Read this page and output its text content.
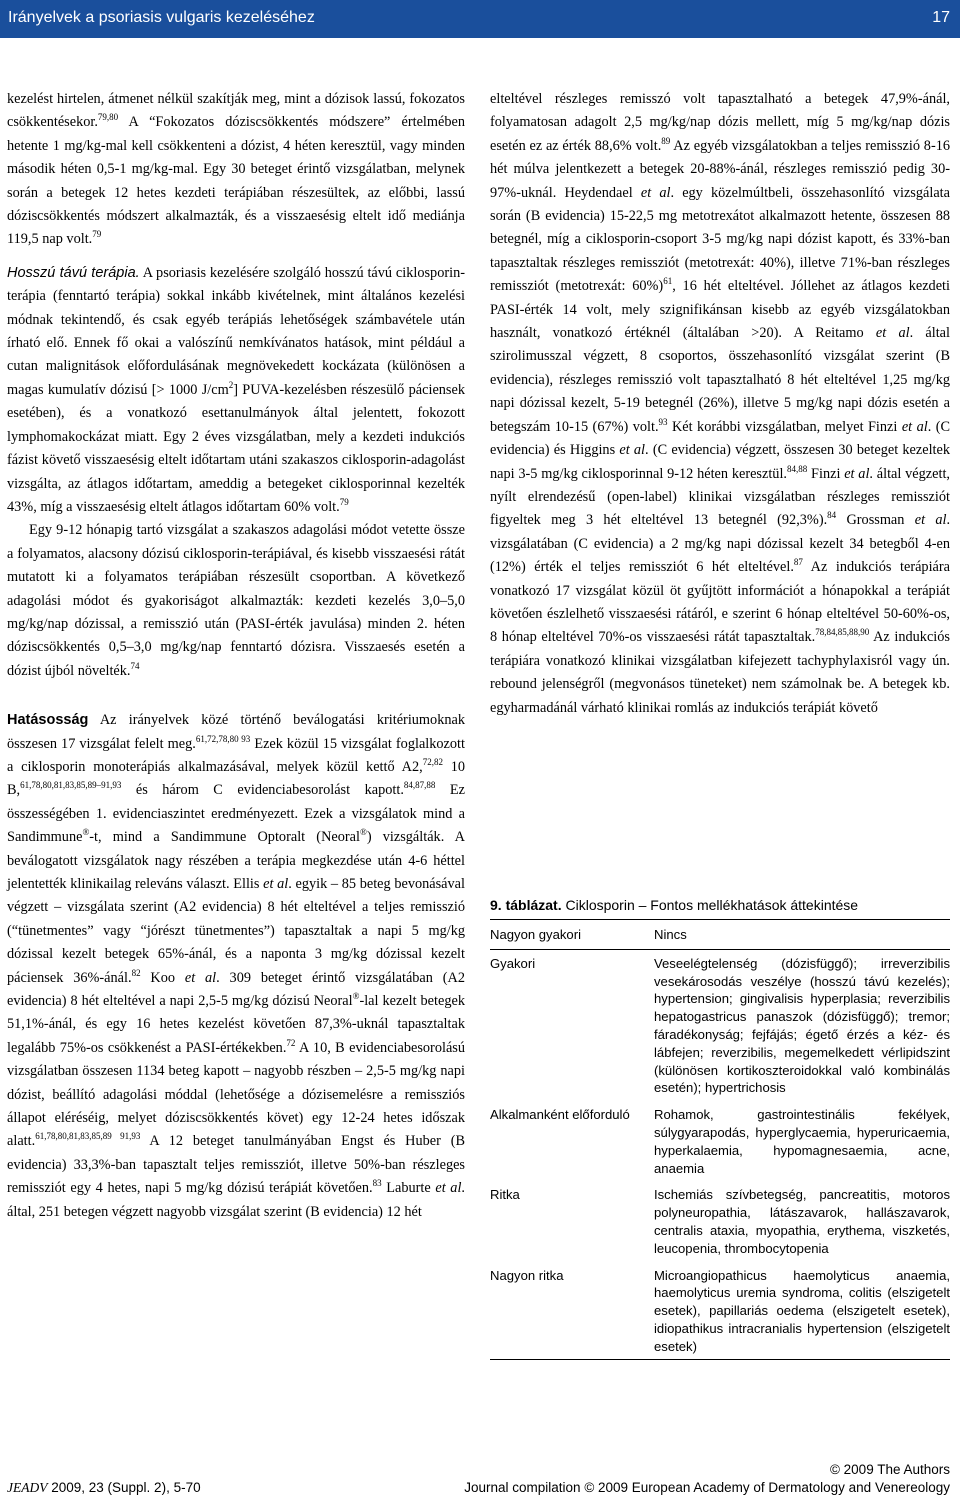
Irányelvek a psoriasis vulgaris kezeléséhez	17

kezelést hirtelen, átmenet nélkül szakítják meg, mint a dózisok lassú, fokozatos csökkentésekor.$^{79,80}$ A “Fokozatos dóziscsökkentés módszere” értelmében hetente 1 mg/kg-mal kell csökkenteni a dózist, 4 héten keresztül, vagy minden második héten 0,5-1 mg/kg-mal. Egy 30 beteget érintő vizsgálatban, melynek során a betegek 12 hetes kezdeti terápiában részesültek, az előbbi, lassú dóziscsökkentés módszert alkalmazták, és a visszaesésig eltelt idő mediánja 119,5 nap volt.$^{79}$

Hosszú távú terápia. A psoriasis kezelésére szolgáló hosszú távú ciklosporin-terápia (fenntartó terápia) sokkal inkább kivételnek, mint általános kezelési módnak tekintendő, és csak egyéb terápiás lehetőségek számbavétele után írható elő. Ennek fő okai a valószínű nemkívánatos hatások, mint például a cutan malignitások előfordulásának megnövekedett kockázata (különösen a magas kumulatív dózisú [> 1000 $J/cm^2$] PUVA-kezelésben részesülő páciensek esetében), és a vonatkozó esettanulmányok által jelentett, fokozott lymphomakockázat miatt. Egy 2 éves vizsgálatban, mely a kezdeti indukciós fázist követő visszaesésig eltelt időtartam utáni szakaszos ciklosporin-adagolást vizsgálta, az átlagos időtartam, ameddig a betegeket ciklosporinnal kezelték 43%, míg a visszaesésig eltelt átlagos időtartam 60% volt.$^{79}$

Egy 9-12 hónapig tartó vizsgálat a szakaszos adagolási módot vetette össze a folyamatos, alacsony dózisú ciklosporin-terápiával, és kisebb visszaesési rátát mutatott ki a folyamatos terápiában részesült csoportban. A következő adagolási módot és gyakoriságot alkalmazták: kezdeti kezelés 3,0–5,0 mg/kg/nap dózissal, a remisszió után (PASI-érték javulása) minden 2. héten dóziscsökkentés 0,5–3,0 mg/kg/nap fenntartó dózisra. Visszaesés esetén a dózist újból növelték.$^{74}$

Hatásosság Az irányelvek közé történő beválogatási kritériumoknak összesen 17 vizsgálat felelt meg.$^{61,72,78,80 93}$ Ezek közül 15 vizsgálat foglalkozott a ciklosporin monoterápiás alkalmazásával, melyek közül kettő A2,$^{72,82}$ 10 B,$^{61,78,80,81,83,85,89-91,93}$ és három C evidenciabesorolást kapott.$^{84,87,88}$ Ez összességében 1. evidenciaszintet eredményezett. Ezek a vizsgálatok mind a Sandimmune®-t, mind a Sandimmune Optoralt (Neoral®) vizsgálták. A beválogatott vizsgálatok nagy részében a terápia megkezdése után 4-6 héttel jelentették klinikailag releváns választ. Ellis et al. egyik – 85 beteg bevonásával végzett – vizsgálata szerint (A2 evidencia) 8 hét elteltével a teljes remisszió (“tünetmentes” vagy “jórészt tünetmentes”) tapasztaltak a napi 5 mg/kg dózissal kezelt betegek 65%-ánál, és a naponta 3 mg/kg dózissal kezelt páciensek 36%-ánál.$^{82}$ Koo et al. 309 beteget érintő vizsgálatában (A2 evidencia) 8 hét elteltével a napi 2,5-5 mg/kg dózisú Neoral®-lal kezelt betegek 51,1%-ánál, és egy 16 hetes kezelést követően 87,3%-uknál tapasztaltak legalább 75%-os csökkenést a PASI-értékekben.$^{72}$ A 10, B evidenciabesorolású vizsgálatban összesen 1134 beteg kapott – nagyobb részben – 2,5-5 mg/kg napi dózist, beállító adagolási móddal (lehetősége a dózisemelésre a remissziós állapot eléréséig, melyet dóziscsökkentés követ) egy 12-24 hetes időszak alatt.$^{61,78,80,81,83,85,89 91,93}$ A 12 beteget tanulmányában Engst és Huber (B evidencia) 33,3%-ban tapasztalt teljes remissziót, illetve 50%-ban részleges remissziót egy 4 hetes, napi 5 mg/kg dózisú terápiát követően.$^{83}$ Laburte et al. által, 251 betegen végzett nagyobb vizsgálat szerint (B evidencia) 12 hét

elteltével részleges remisszó volt tapasztalható a betegek 47,9%-ánál, folyamatosan adagolt 2,5 mg/kg/nap dózis mellett, míg 5 mg/kg/nap dózis esetén ez az érték 88,6% volt.$^{89}$ Az egyéb vizsgálatokban a teljes remisszió 8-16 hét múlva jelentkezett a betegek 20-88%-ánál, részleges remisszió pedig 30-97%-uknál. Heydendael et al. egy közelmúltbeli, összehasonlító vizsgálata során (B evidencia) 15-22,5 mg metotrexátot alkalmazott hetente, összesen 88 betegnél, míg a ciklosporin-csoport 3-5 mg/kg napi dózist kapott, és 33%-ban tapasztaltak részleges remissziót (metotrexát: 40%), illetve 71%-ban részleges remissziót (metotrexát: 60%)$^{61}$, 16 hét elteltével. Jóllehet az átlagos kezdeti PASI-érték 14 volt, mely szignifikánsan kisebb az egyéb vizsgálatokban használt, vonatkozó értéknél (általában >20). A Reitamo et al. által szirolimusszal végzett, 8 csoportos, összehasonlító vizsgálat szerint (B evidencia), részleges remisszió volt tapasztalható 8 hét elteltével 1,25 mg/kg napi dózissal kezelt, 5-19 betegnél (26%), illetve 5 mg/kg napi dózis esetén a betegszám 10-15 (67%) volt.$^{93}$ Két korábbi vizsgálatban, melyet Finzi et al. (C evidencia) és Higgins et al. (C evidencia) végzett, összesen 30 beteget kezeltek napi 3-5 mg/kg ciklosporinnal 9-12 héten keresztül.$^{84,88}$ Finzi et al. által végzett, nyílt elrendezésű (open-label) klinikai vizsgálatban részleges remissziót figyeltek meg 3 hét elteltével 13 betegnél (92,3%).$^{84}$ Grossman et al. vizsgálatában (C evidencia) a 2 mg/kg napi dózissal kezelt 34 betegből 4-en (12%) érték el teljes remissziót 6 hét elteltével.$^{87}$ Az indukciós terápiára vonatkozó 17 vizsgálat közül öt gyűjtött információt a hónapokkal a terápiát követően észlelhető visszaesési rátáról, e szerint 6 hónap elteltével 50-60%-os, 8 hónap elteltével 70%-os visszaesési rátát tapasztaltak.$^{78,84,85,88,90}$ Az indukciós terápiára vonatkozó klinikai vizsgálatban kifejezett tachyphylaxisról vagy ún. rebound jelenségről (megvonásos tüneteket) nem számolnak be. A betegek kb. egyharmadánál várható klinikai romlás az indukciós terápiát követő

9. táblázat. Ciklosporin – Fontos mellékhatások áttekintése
Nagyon gyakori	Nincs
Gyakori	Veseelégtelenség (dózisfüggő); irreverzibilis vesekárosodás veszélye (hosszú távú kezelés); hypertension; gingivalisis hyperplasia; reverzibilis hepatogastricus panaszok (dózisfüggő); tremor; fáradékonyság; fejfájás; égető érzés a kéz- és lábfejen; reverzibilis, megemelkedett vérlipidszint (különösen kortikoszteroidokkal való kombinálás esetén); hypertrichosis
Alkalmanként előforduló	Rohamok, gastrointestinális fekélyek, súlygyarapodás, hyperglycaemia, hyperuricaemia, hyperkalaemia, hypomagnesaemia, acne, anaemia
Ritka	Ischemiás szívbetegség, pancreatitis, motoros polyneuropathia, látászavarok, hallászavarok, centralis ataxia, myopathia, erythema, viszketés, leucopenia, thrombocytopenia
Nagyon ritka	Microangiopathicus haemolyticus anaemia, haemolyticus uremia syndroma, colitis (elszigetelt esetek), papillariás oedema (elszigetelt esetek), idiopathikus intracranialis hypertension (elszigetelt esetek)
JEADV 2009, 23 (Suppl. 2), 5-70
© 2009 The Authors
Journal compilation © 2009 European Academy of Dermatology and Venereology
